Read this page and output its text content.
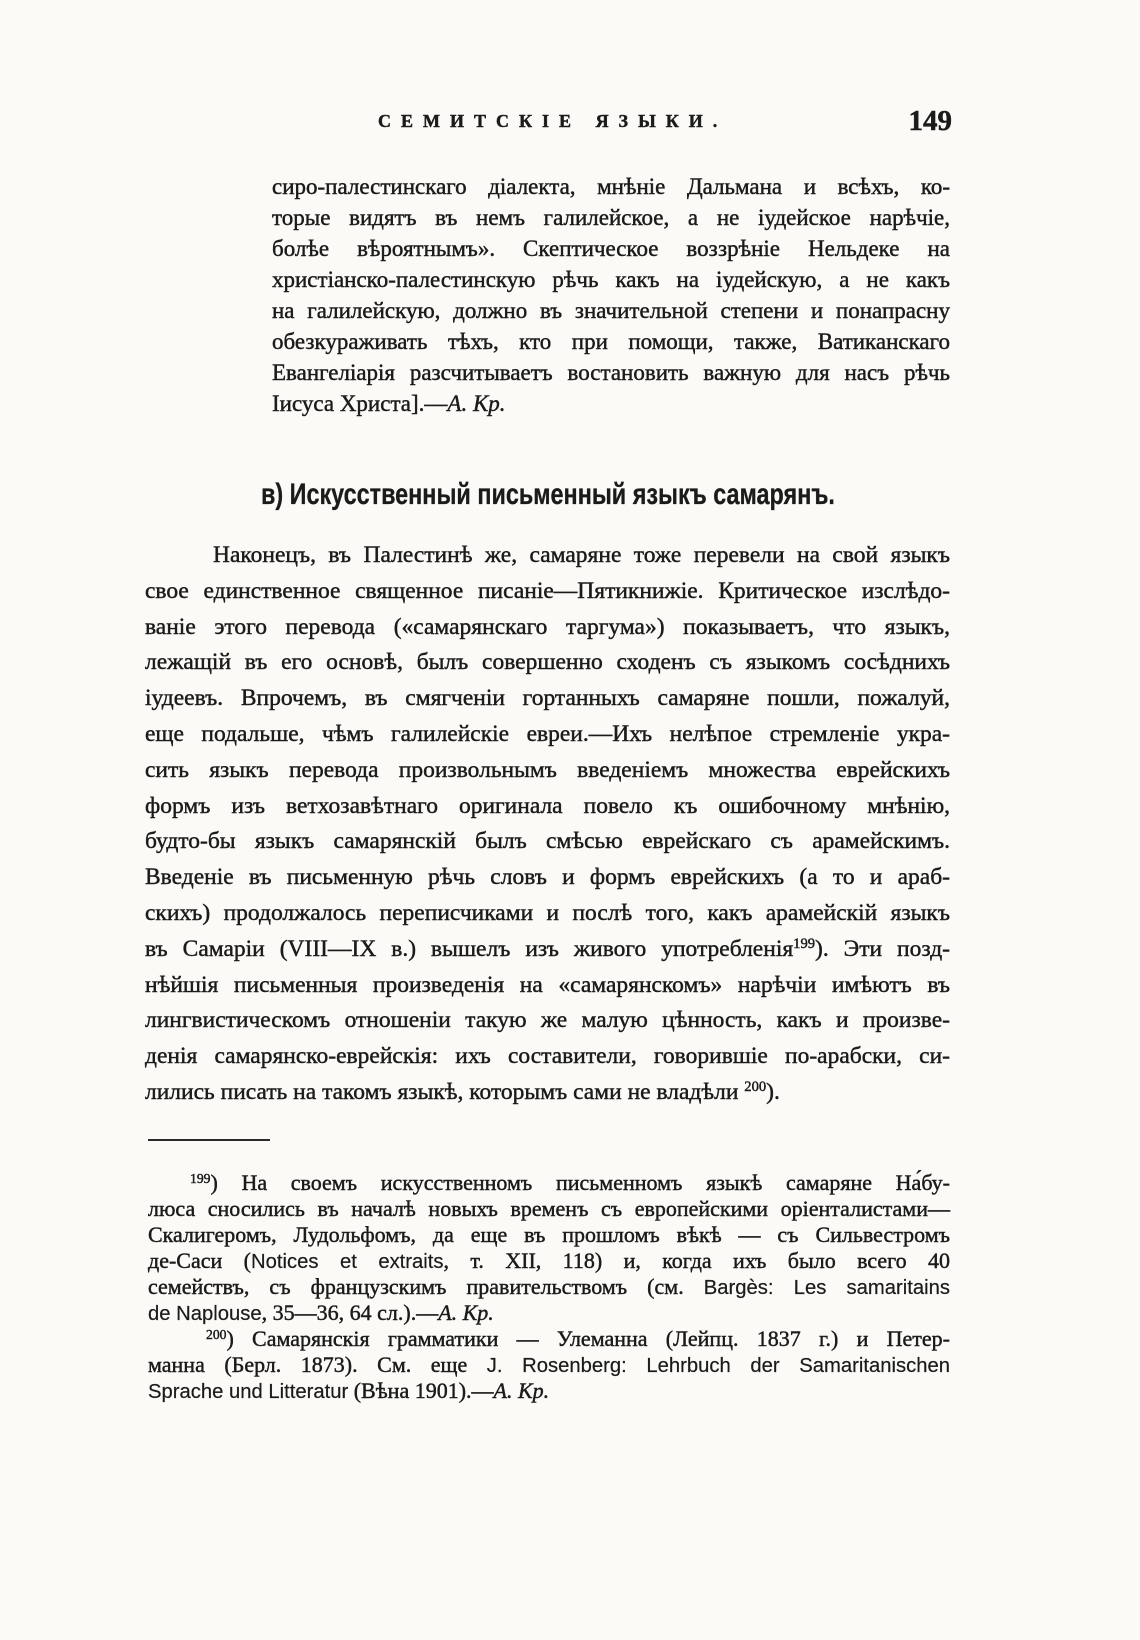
СЕМИТСКІЕ ЯЗЫКИ.	149
сиро-палестинскаго діалекта, мнѣніе Дальмана и всѣхъ, ко-
торые видятъ въ немъ галилейское, а не іудейское нарѣчіе,
болѣе вѣроятнымъ». Скептическое воззрѣніе Нельдеке на
христіанско-палестинскую рѣчь какъ на іудейскую, а не какъ
на галилейскую, должно въ значительной степени и понапрасну
обезкураживать тѣхъ, кто при помощи, также, Ватиканскаго
Евангеліарія разсчитываетъ востановить важную для насъ рѣчь
Іисуса Христа].—А. Кр.
в) Искусственный письменный языкъ самарянъ.
Наконецъ, въ Палестинѣ же, самаряне тоже перевели на свой языкъ
свое единственное священное писаніе—Пятикнижіе. Критическое изслѣдо-
ваніе этого перевода («самарянскаго таргума») показываетъ, что языкъ,
лежащій въ его основѣ, былъ совершенно сходенъ съ языкомъ сосѣднихъ
іудеевъ. Впрочемъ, въ смягченіи гортанныхъ самаряне пошли, пожалуй,
еще подальше, чѣмъ галилейскіе евреи.—Ихъ нелѣпое стремленіе укра-
сить языкъ перевода произвольнымъ введеніемъ множества еврейскихъ
формъ изъ ветхозавѣтнаго оригинала повело къ ошибочному мнѣнію,
будто-бы языкъ самарянскій былъ смѣсью еврейскаго съ арамейскимъ.
Введеніе въ письменную рѣчь словъ и формъ еврейскихъ (а то и араб-
скихъ) продолжалось переписчиками и послѣ того, какъ арамейскій языкъ
въ Самаріи (VIII—IX в.) вышелъ изъ живого употребленія$^{199}$). Эти позд-
нѣйшія письменныя произведенія на «самарянскомъ» нарѣчіи имѣютъ въ
лингвистическомъ отношеніи такую же малую цѣнность, какъ и произве-
денія самарянско-еврейскія: ихъ составители, говорившіе по-арабски, си-
лились писать на такомъ языкѣ, которымъ сами не владѣли $^{200}$).
$^{199}$) На своемъ искусственномъ письменномъ языкѣ самаряне На́бу-
люса сносились въ началѣ новыхъ временъ съ европейскими оріенталистами—
Скалигеромъ, Лудольфомъ, да еще въ прошломъ вѣкѣ — съ Сильвестромъ
де-Саси (Notices et extraits, т. XII, 118) и, когда ихъ было всего 40
семействъ, съ французскимъ правительствомъ (см. Bargès: Les samaritains
de Naplouse, 35—36, 64 сл.).—А. Кр.
$^{200}$) Самарянскія грамматики — Улеманна (Лейпц. 1837 г.) и Петер-
манна (Берл. 1873). См. еще J. Rosenberg: Lehrbuch der Samaritanischen
Sprache und Litteratur (Вѣна 1901).—А. Кр.
